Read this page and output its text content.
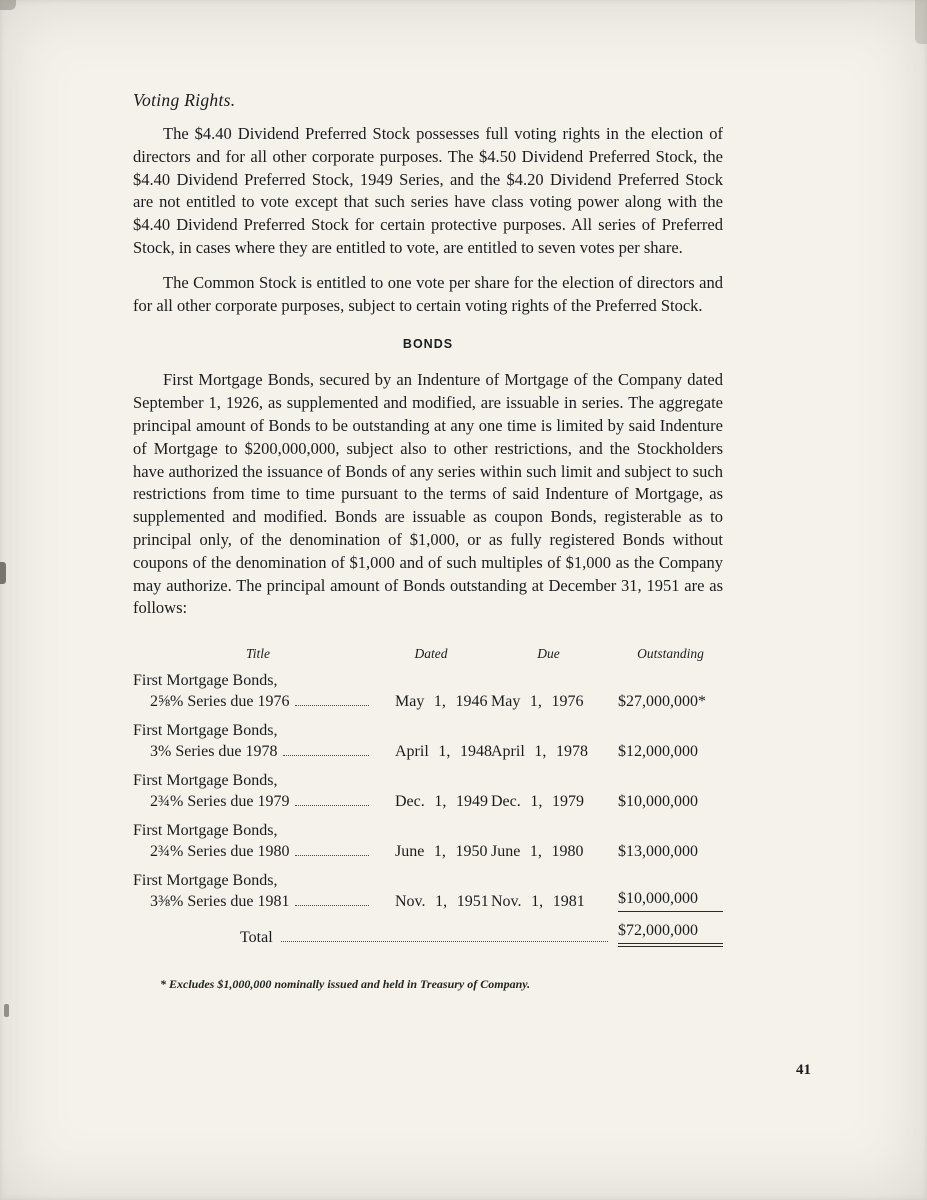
Voting Rights.

The $4.40 Dividend Preferred Stock possesses full voting rights in the election of directors and for all other corporate purposes. The $4.50 Dividend Preferred Stock, the $4.40 Dividend Preferred Stock, 1949 Series, and the $4.20 Dividend Preferred Stock are not entitled to vote except that such series have class voting power along with the $4.40 Dividend Preferred Stock for certain protective purposes. All series of Preferred Stock, in cases where they are entitled to vote, are entitled to seven votes per share.

The Common Stock is entitled to one vote per share for the election of directors and for all other corporate purposes, subject to certain voting rights of the Preferred Stock.

BONDS

First Mortgage Bonds, secured by an Indenture of Mortgage of the Company dated September 1, 1926, as supplemented and modified, are issuable in series. The aggregate principal amount of Bonds to be outstanding at any one time is limited by said Indenture of Mortgage to $200,000,000, subject also to other restrictions, and the Stockholders have authorized the issuance of Bonds of any series within such limit and subject to such restrictions from time to time pursuant to the terms of said Indenture of Mortgage, as supplemented and modified. Bonds are issuable as coupon Bonds, registerable as to principal only, of the denomination of $1,000, or as fully registered Bonds without coupons of the denomination of $1,000 and of such multiples of $1,000 as the Company may authorize. The principal amount of Bonds outstanding at December 31, 1951 are as follows:

Title	Dated	Due	Outstanding
First Mortgage Bonds,
2⅝% Series due 1976	May 1, 1946 May 1, 1976	$27,000,000*
First Mortgage Bonds,
3% Series due 1978	April 1, 1948 April 1, 1978	$12,000,000
First Mortgage Bonds,
2¾% Series due 1979	Dec. 1, 1949 Dec. 1, 1979	$10,000,000
First Mortgage Bonds,
2¾% Series due 1980	June 1, 1950 June 1, 1980	$13,000,000
First Mortgage Bonds,
3⅜% Series due 1981	Nov. 1, 1951 Nov. 1, 1981	$10,000,000
Total	$72,000,000
* Excludes $1,000,000 nominally issued and held in Treasury of Company.
41
